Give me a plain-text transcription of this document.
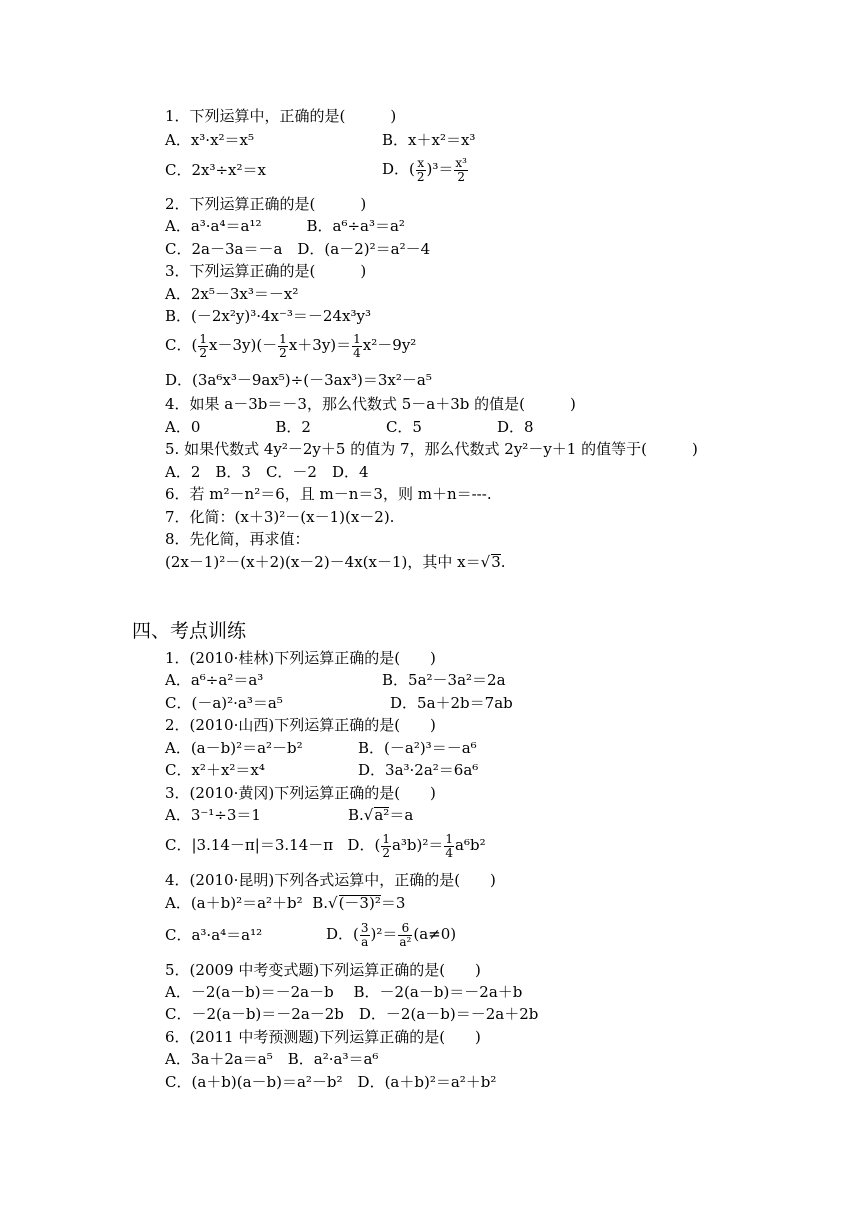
1．下列运算中，正确的是(　　　)
A．x³·x²＝x⁵	B．x＋x²＝x³
C．2x³÷x²＝x	D．( $\frac{x}{2} )^3= \frac{\text{x³}}{2}$
2．下列运算正确的是(　　　)
A．a³·a⁴＝a¹²　　　B．a⁶÷a³＝a²
C．2a－3a＝－a　D．(a－2)²＝a²－4
3．下列运算正确的是(　　　)
A．2x⁵－3x³＝－x²
B．(－2x²y)³·4x⁻³＝－24x³y³
C．( $\frac{1}{2} x-3y)(- \frac{1}{2} x+3y)= \frac{1}{4} x^2-9y^2$
D．(3a⁶x³－9ax⁵)÷(－3ax³)＝3x²－a⁵
4．如果 a－3b＝－3，那么代数式 5－a＋3b 的值是(　　　)
A．0　　　　　B．2　　　　　C．5　　　　　D．8
5. 如果代数式 4y²－2y＋5 的值为 7，那么代数式 2y²－y＋1 的值等于(　　　)
A．2　B．3　C．－2　D．4
6．若 m²－n²＝6，且 m－n＝3，则 m＋n＝---.
7．化简：(x＋3)²－(x－1)(x－2).
8．先化简，再求值：
(2x－1)²－(x＋2)(x－2)－4x(x－1)，其中 x＝√3.
四、考点训练
1．(2010·桂林)下列运算正确的是(　　)
A．a⁶÷a²＝a³	B．5a²－3a²＝2a
C．(－a)²·a³＝a⁵	D．5a＋2b＝7ab
2．(2010·山西)下列运算正确的是(　　)
A．(a－b)²＝a²－b²	B．(－a²)³＝－a⁶
C．x²＋x²＝x⁴	D．3a³·2a²＝6a⁶
3．(2010·黄冈)下列运算正确的是(　　)
A．3⁻¹÷3＝1	B.√a²＝a
C．|3.14－π|＝3.14－π D．( $\frac{1}{2} a^3b)^2= \frac{1}{4} a^6b^2$
4．(2010·昆明)下列各式运算中，正确的是(　　)
A．(a＋b)²＝a²＋b² B.√(－3)²＝3
C．a³·a⁴＝a¹²	D．( $\frac{3}{a} )^2= \frac{6}{\text{a²}} (a\ne 0)$
5．(2009 中考变式题)下列运算正确的是(　　)
A．－2(a－b)＝－2a－b　 B．－2(a－b)＝－2a＋b
C．－2(a－b)＝－2a－2b　D．－2(a－b)＝－2a＋2b
6．(2011 中考预测题)下列运算正确的是(　　)
A．3a＋2a＝a⁵　B．a²·a³＝a⁶
C．(a＋b)(a－b)＝a²－b²　D．(a＋b)²＝a²＋b²
